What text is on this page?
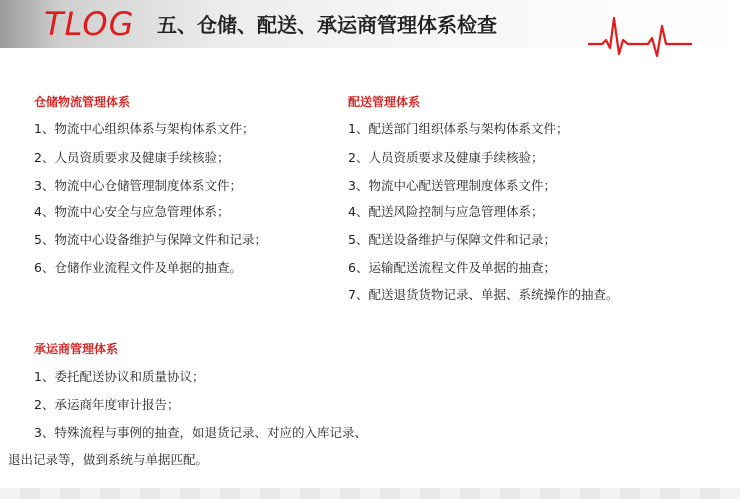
TLOG 五、仓储、配送、承运商管理体系检查
仓储物流管理体系
1、物流中心组织体系与架构体系文件；
2、人员资质要求及健康手续核验；
3、物流中心仓储管理制度体系文件；
4、物流中心安全与应急管理体系；
5、物流中心设备维护与保障文件和记录；
6、仓储作业流程文件及单据的抽查。
配送管理体系
1、配送部门组织体系与架构体系文件；
2、人员资质要求及健康手续核验；
3、物流中心配送管理制度体系文件；
4、配送风险控制与应急管理体系；
5、配送设备维护与保障文件和记录；
6、运输配送流程文件及单据的抽查；
7、配送退货货物记录、单据、系统操作的抽查。
承运商管理体系
1、委托配送协议和质量协议；
2、承运商年度审计报告；
3、特殊流程与事例的抽查，如退货记录、对应的入库记录、
退出记录等，做到系统与单据匹配。
